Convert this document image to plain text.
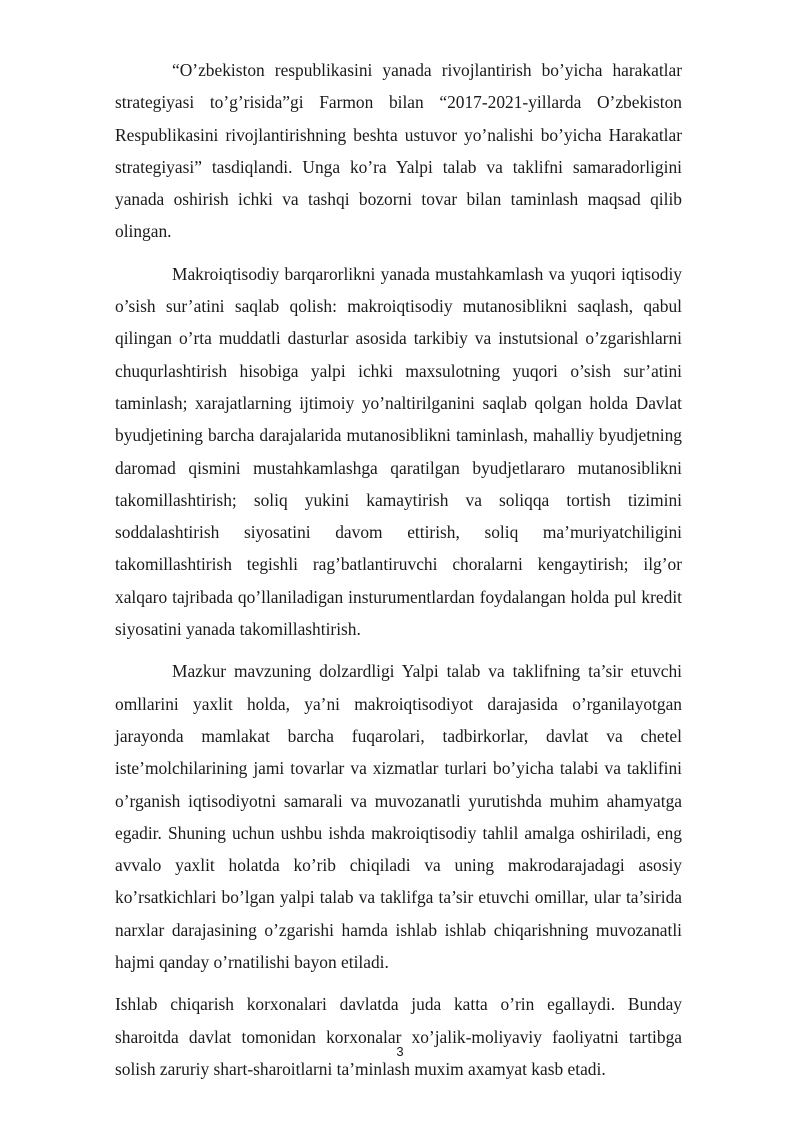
“O’zbekiston respublikasini yanada rivojlantirish bo’yicha harakatlar strategiyasi to’g’risida”gi Farmon bilan “2017-2021-yillarda O’zbekiston Respublikasini rivojlantirishning beshta ustuvor yo’nalishi bo’yicha Harakatlar strategiyasi” tasdiqlandi. Unga ko’ra Yalpi talab va taklifni samaradorligini yanada oshirish ichki va tashqi bozorni tovar bilan taminlash maqsad qilib olingan.

Makroiqtisodiy barqarorlikni yanada mustahkamlash va yuqori iqtisodiy o’sish sur’atini saqlab qolish: makroiqtisodiy mutanosiblikni saqlash, qabul qilingan o’rta muddatli dasturlar asosida tarkibiy va instutsional o’zgarishlarni chuqurlashtirish hisobiga yalpi ichki maxsulotning yuqori o’sish sur’atini taminlash; xarajatlarning ijtimoiy yo’naltirilganini saqlab qolgan holda Davlat byudjetining barcha darajalarida mutanosiblikni taminlash, mahalliy byudjetning daromad qismini mustahkamlashga qaratilgan byudjetlararo mutanosiblikni takomillashtirish; soliq yukini kamaytirish va soliqqa tortish tizimini soddalashtirish siyosatini davom ettirish, soliq ma’muriyatchiligini takomillashtirish tegishli rag’batlantiruvchi choralarni kengaytirish; ilg’or xalqaro tajribada qo’llaniladigan insturumentlardan foydalangan holda pul kredit siyosatini yanada takomillashtirish.

Mazkur mavzuning dolzardligi Yalpi talab va taklifning ta’sir etuvchi omllarini yaxlit holda, ya’ni makroiqtisodiyot darajasida o’rganilayotgan jarayonda mamlakat barcha fuqarolari, tadbirkorlar, davlat va chetel iste’molchilarining jami tovarlar va xizmatlar turlari bo’yicha talabi va taklifini o’rganish iqtisodiyotni samarali va muvozanatli yurutishda muhim ahamyatga egadir. Shuning uchun ushbu ishda makroiqtisodiy tahlil amalga oshiriladi, eng avvalo yaxlit holatda ko’rib chiqiladi va uning makrodarajadagi asosiy ko’rsatkichlari bo’lgan yalpi talab va taklifga ta’sir etuvchi omillar, ular ta’sirida narxlar darajasining o’zgarishi hamda ishlab ishlab chiqarishning muvozanatli hajmi qanday o’rnatilishi bayon etiladi.

Ishlab chiqarish korxonalari davlatda juda katta o’rin egallaydi. Bunday sharoitda davlat tomonidan korxonalar xo’jalik-moliyaviy faoliyatni tartibga solish zaruriy shart-sharoitlarni ta’minlash muxim axamyat kasb etadi.

3
